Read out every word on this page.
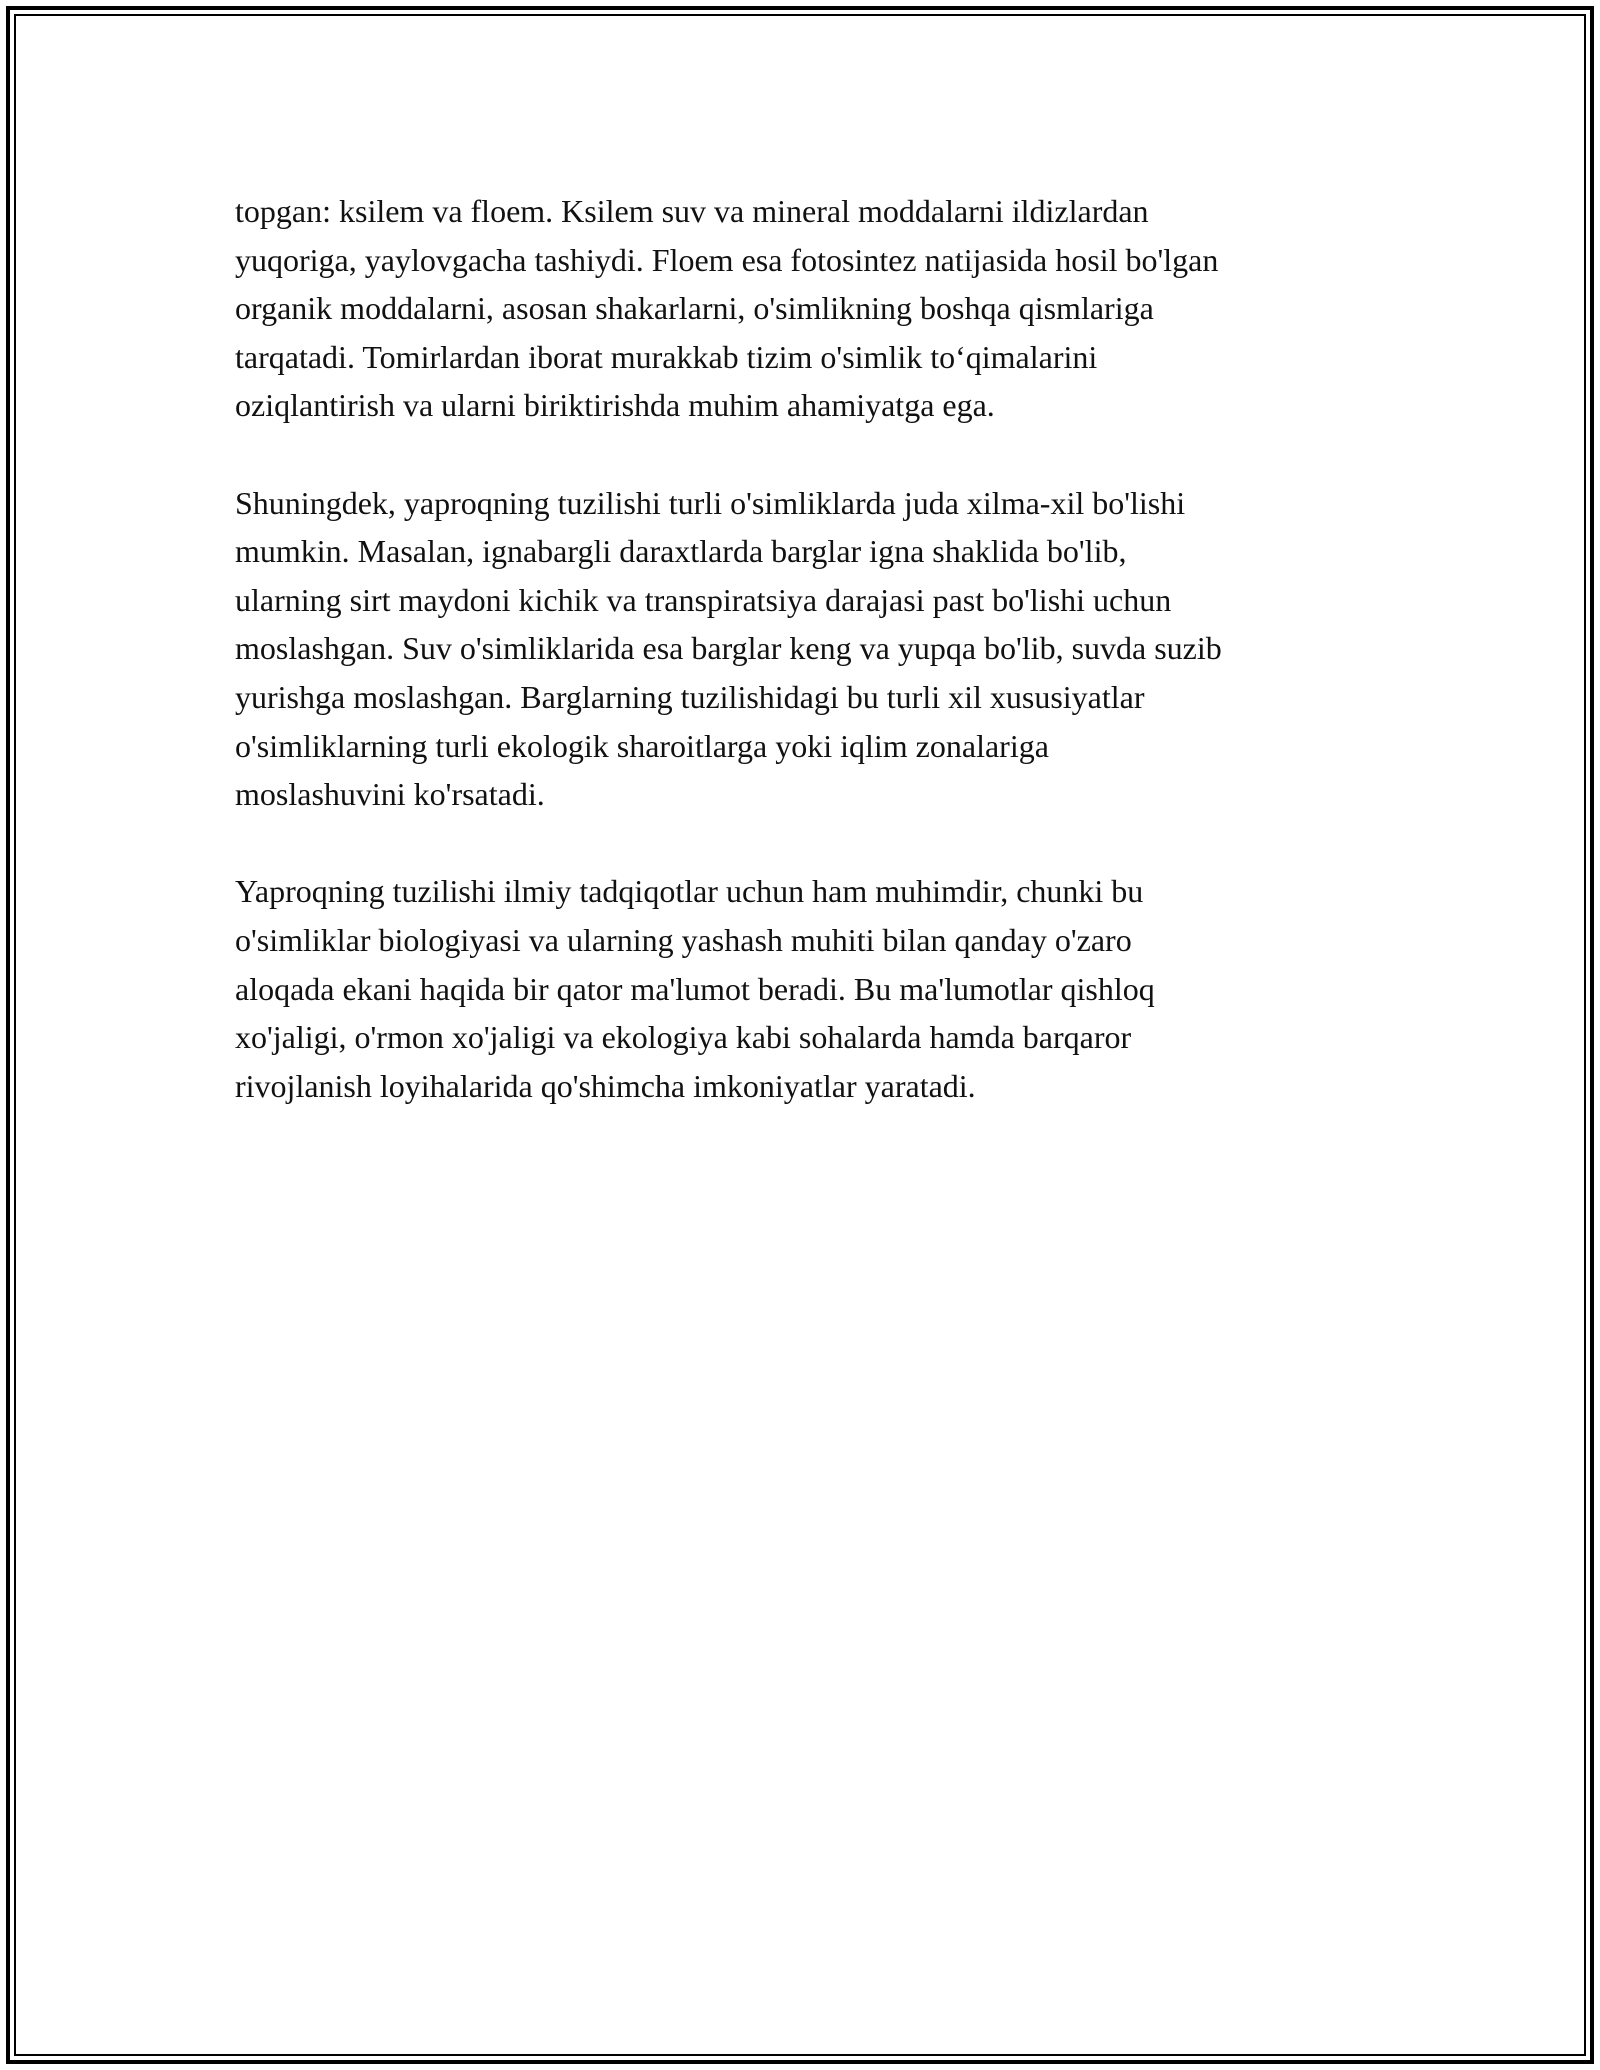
topgan: ksilem va floem. Ksilem suv va mineral moddalarni ildizlardan
yuqoriga, yaylovgacha tashiydi. Floem esa fotosintez natijasida hosil bo'lgan
organik moddalarni, asosan shakarlarni, o'simlikning boshqa qismlariga
tarqatadi. Tomirlardan iborat murakkab tizim o'simlik to‘qimalarini
oziqlantirish va ularni biriktirishda muhim ahamiyatga ega.

Shuningdek, yaproqning tuzilishi turli o'simliklarda juda xilma-xil bo'lishi
mumkin. Masalan, ignabargli daraxtlarda barglar igna shaklida bo'lib,
ularning sirt maydoni kichik va transpiratsiya darajasi past bo'lishi uchun
moslashgan. Suv o'simliklarida esa barglar keng va yupqa bo'lib, suvda suzib
yurishga moslashgan. Barglarning tuzilishidagi bu turli xil xususiyatlar
o'simliklarning turli ekologik sharoitlarga yoki iqlim zonalariga
moslashuvini ko'rsatadi.

Yaproqning tuzilishi ilmiy tadqiqotlar uchun ham muhimdir, chunki bu
o'simliklar biologiyasi va ularning yashash muhiti bilan qanday o'zaro
aloqada ekani haqida bir qator ma'lumot beradi. Bu ma'lumotlar qishloq
xo'jaligi, o'rmon xo'jaligi va ekologiya kabi sohalarda hamda barqaror
rivojlanish loyihalarida qo'shimcha imkoniyatlar yaratadi.
